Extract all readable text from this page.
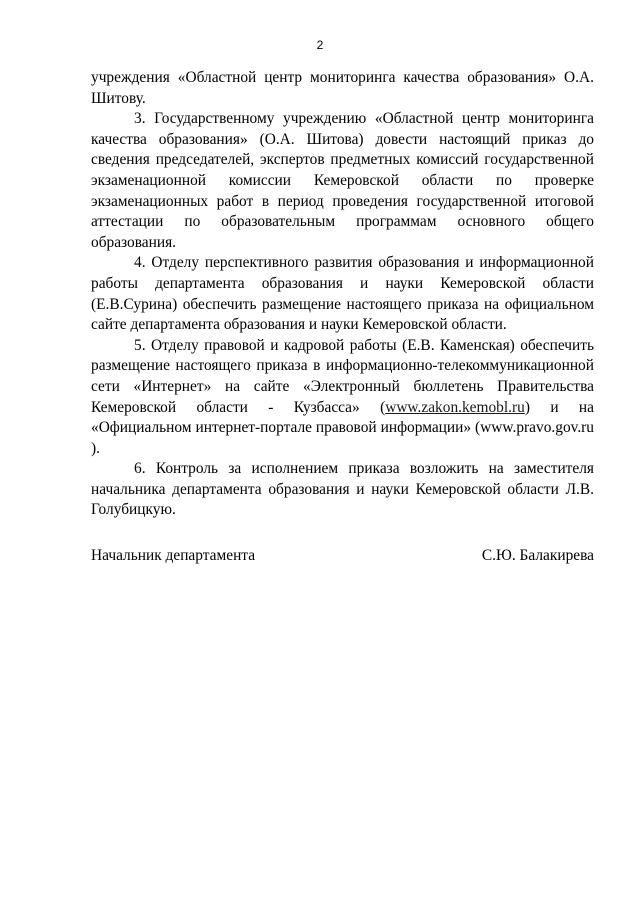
2

учреждения «Областной центр мониторинга качества образования» О.А. Шитову.

3. Государственному учреждению «Областной центр мониторинга качества образования» (О.А. Шитова) довести настоящий приказ до сведения председателей, экспертов предметных комиссий государственной экзаменационной комиссии Кемеровской области по проверке экзаменационных работ в период проведения государственной итоговой аттестации по образовательным программам основного общего образования.

4. Отделу перспективного развития образования и информационной работы департамента образования и науки Кемеровской области (Е.В.Сурина) обеспечить размещение настоящего приказа на официальном сайте департамента образования и науки Кемеровской области.

5. Отделу правовой и кадровой работы (Е.В. Каменская) обеспечить размещение настоящего приказа в информационно-телекоммуникационной сети «Интернет» на сайте «Электронный бюллетень Правительства Кемеровской области - Кузбасса» (www.zakon.kemobl.ru) и на «Официальном интернет-портале правовой информации» (www.pravo.gov.ru ).

6. Контроль за исполнением приказа возложить на заместителя начальника департамента образования и науки Кемеровской области Л.В. Голубицкую.

Начальник департамента	С.Ю. Балакирева
